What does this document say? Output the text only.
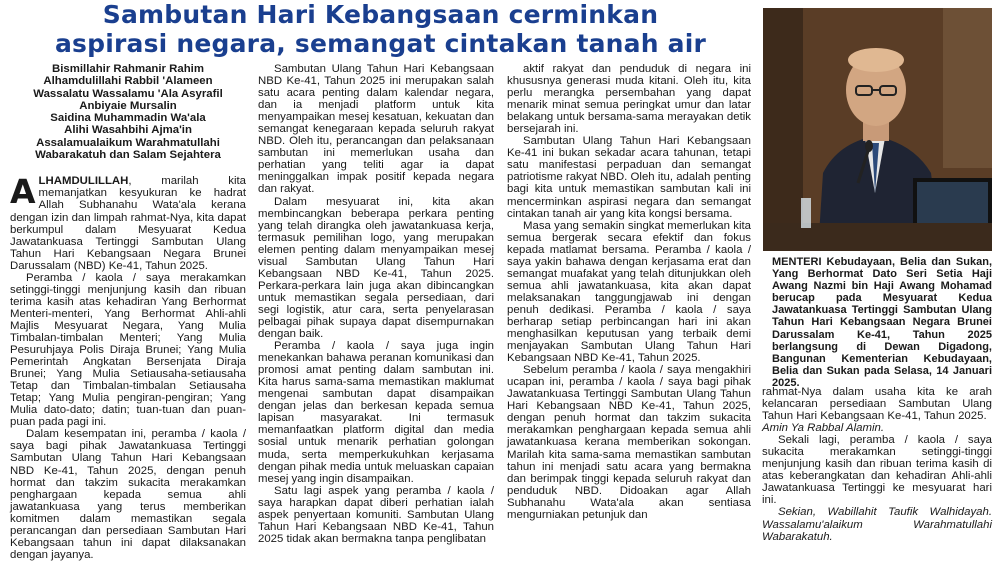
Sambutan Hari Kebangsaan cerminkan
aspirasi negara, semangat cintakan tanah air
Bismillahir Rahmanir Rahim
Alhamdulillahi Rabbil 'Alameen
Wassalatu Wassalamu 'Ala Asyrafil
Anbiyaie Mursalin
Saidina Muhammadin Wa'ala
Alihi Wasahbihi Ajma'in
Assalamualaikum Warahmatullahi
Wabarakatuh dan Salam Sejahtera

ALHAMDULILLAH, marilah kita memanjatkan kesyukuran ke hadrat Allah Subhanahu Wata'ala kerana dengan izin dan limpah rahmat-Nya, kita dapat berkumpul dalam Mesyuarat Kedua Jawatankuasa Tertinggi Sambutan Ulang Tahun Hari Kebangsaan Negara Brunei Darussalam (NBD) Ke-41, Tahun 2025.

Peramba / kaola / saya merakamkan setinggi-tinggi menjunjung kasih dan ribuan terima kasih atas kehadiran Yang Berhormat Menteri-menteri, Yang Berhormat Ahli-ahli Majlis Mesyuarat Negara, Yang Mulia Timbalan-timbalan Menteri; Yang Mulia Pesuruhjaya Polis Diraja Brunei; Yang Mulia Pemerintah Angkatan Bersenjata Diraja Brunei; Yang Mulia Setiausaha-setiausaha Tetap dan Timbalan-timbalan Setiausaha Tetap; Yang Mulia pengiran-pengiran; Yang Mulia dato-dato; datin; tuan-tuan dan puan-puan pada pagi ini.

Dalam kesempatan ini, peramba / kaola / saya bagi pihak Jawatankuasa Tertinggi Sambutan Ulang Tahun Hari Kebangsaan NBD Ke-41, Tahun 2025, dengan penuh hormat dan takzim sukacita merakamkan penghargaan kepada semua ahli jawatankuasa yang terus memberikan komitmen dalam memastikan segala perancangan dan persediaan Sambutan Hari Kebangsaan tahun ini dapat dilaksanakan dengan jayanya.

Sambutan Ulang Tahun Hari Kebangsaan NBD Ke-41, Tahun 2025 ini merupakan salah satu acara penting dalam kalendar negara, dan ia menjadi platform untuk kita menyampaikan mesej kesatuan, kekuatan dan semangat kenegaraan kepada seluruh rakyat NBD. Oleh itu, perancangan dan pelaksanaan sambutan ini memerlukan usaha dan perhatian yang teliti agar ia dapat meninggalkan impak positif kepada negara dan rakyat.

Dalam mesyuarat ini, kita akan membincangkan beberapa perkara penting yang telah dirangka oleh jawatankuasa kerja, termasuk pemilihan logo, yang merupakan elemen penting dalam menyampaikan mesej visual Sambutan Ulang Tahun Hari Kebangsaan NBD Ke-41, Tahun 2025. Perkara-perkara lain juga akan dibincangkan untuk memastikan segala persediaan, dari segi logistik, atur cara, serta penyelarasan pelbagai pihak supaya dapat disempurnakan dengan baik.

Peramba / kaola / saya juga ingin menekankan bahawa peranan komunikasi dan promosi amat penting dalam sambutan ini. Kita harus sama-sama memastikan maklumat mengenai sambutan dapat disampaikan dengan jelas dan berkesan kepada semua lapisan masyarakat. Ini termasuk memanfaatkan platform digital dan media sosial untuk menarik perhatian golongan muda, serta memperkukuhkan kerjasama dengan pihak media untuk meluaskan capaian mesej yang ingin disampaikan.

Satu lagi aspek yang peramba / kaola / saya harapkan dapat diberi perhatian ialah aspek penyertaan komuniti. Sambutan Ulang Tahun Hari Kebangsaan NBD Ke-41, Tahun 2025 tidak akan bermakna tanpa penglibatan

aktif rakyat dan penduduk di negara ini khususnya generasi muda kitani. Oleh itu, kita perlu merangka persembahan yang dapat menarik minat semua peringkat umur dan latar belakang untuk bersama-sama merayakan detik bersejarah ini.

Sambutan Ulang Tahun Hari Kebangsaan Ke-41 ini bukan sekadar acara tahunan, tetapi satu manifestasi perpaduan dan semangat patriotisme rakyat NBD. Oleh itu, adalah penting bagi kita untuk memastikan sambutan kali ini mencerminkan aspirasi negara dan semangat cintakan tanah air yang kita kongsi bersama.

Masa yang semakin singkat memerlukan kita semua bergerak secara efektif dan fokus kepada matlamat bersama. Peramba / kaola / saya yakin bahawa dengan kerjasama erat dan semangat muafakat yang telah ditunjukkan oleh semua ahli jawatankuasa, kita akan dapat melaksanakan tanggungjawab ini dengan penuh dedikasi. Peramba / kaola / saya berharap setiap perbincangan hari ini akan menghasilkan keputusan yang terbaik demi menjayakan Sambutan Ulang Tahun Hari Kebangsaan NBD Ke-41, Tahun 2025.

Sebelum peramba / kaola / saya mengakhiri ucapan ini, peramba / kaola / saya bagi pihak Jawatankuasa Tertinggi Sambutan Ulang Tahun Hari Kebangsaan NBD Ke-41, Tahun 2025, dengan penuh hormat dan takzim sukacita merakamkan penghargaan kepada semua ahli jawatankuasa kerana memberikan sokongan. Marilah kita sama-sama memastikan sambutan tahun ini menjadi satu acara yang bermakna dan berimpak tinggi kepada seluruh rakyat dan penduduk NBD. Didoakan agar Allah Subhanahu Wata'ala akan sentiasa mengurniakan petunjuk dan

MENTERI Kebudayaan, Belia dan Sukan, Yang Berhormat Dato Seri Setia Haji Awang Nazmi bin Haji Awang Mohamad berucap pada Mesyuarat Kedua Jawatankuasa Tertinggi Sambutan Ulang Tahun Hari Kebangsaan Negara Brunei Darussalam Ke-41, Tahun 2025 berlangsung di Dewan Digadong, Bangunan Kementerian Kebudayaan, Belia dan Sukan pada Selasa, 14 Januari 2025.

rahmat-Nya dalam usaha kita ke arah kelancaran persediaan Sambutan Ulang Tahun Hari Kebangsaan Ke-41, Tahun 2025.

Amin Ya Rabbal Alamin.

Sekali lagi, peramba / kaola / saya sukacita merakamkan setinggi-tinggi menjunjung kasih dan ribuan terima kasih di atas keberangkatan dan kehadiran Ahli-ahli Jawatankuasa Tertinggi ke mesyuarat hari ini.

Sekian, Wabillahit Taufik Walhidayah. Wassalamu'alaikum Warahmatullahi Wabarakatuh.
